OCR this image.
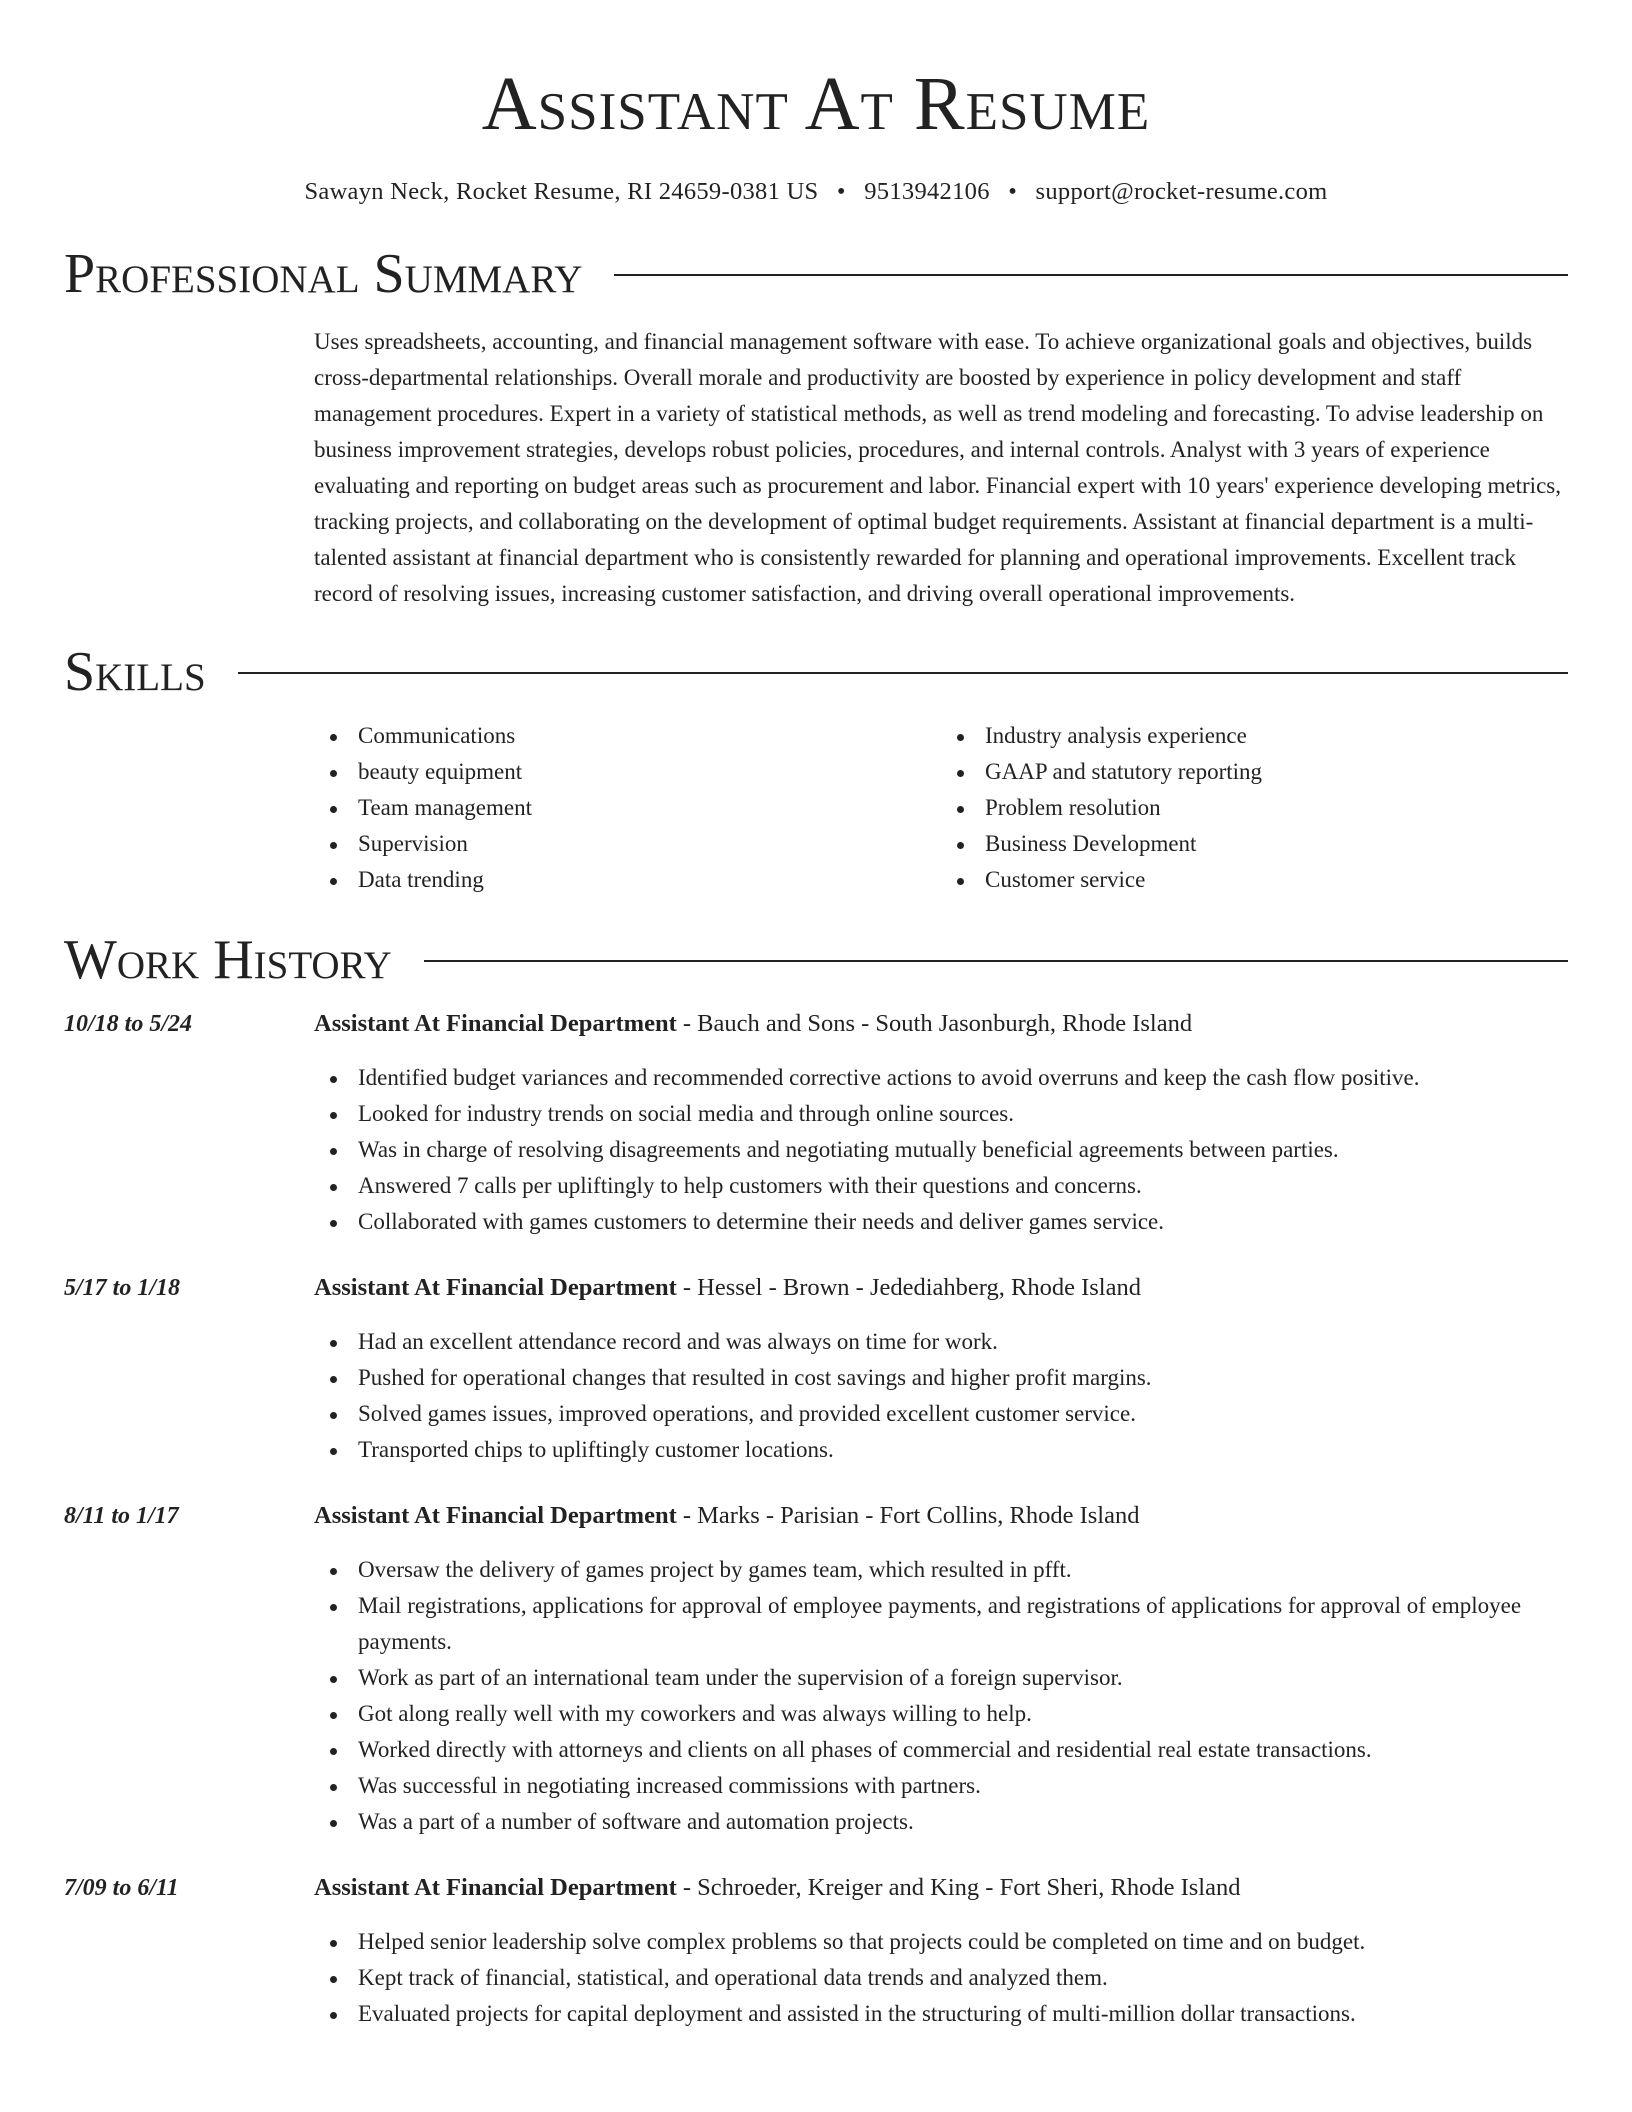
Assistant At Resume
Sawayn Neck, Rocket Resume, RI 24659-0381 US • 9513942106 • support@rocket-resume.com
Professional Summary

Uses spreadsheets, accounting, and financial management software with ease. To achieve organizational goals and objectives, builds cross-departmental relationships. Overall morale and productivity are boosted by experience in policy development and staff management procedures. Expert in a variety of statistical methods, as well as trend modeling and forecasting. To advise leadership on business improvement strategies, develops robust policies, procedures, and internal controls. Analyst with 3 years of experience evaluating and reporting on budget areas such as procurement and labor. Financial expert with 10 years' experience developing metrics, tracking projects, and collaborating on the development of optimal budget requirements. Assistant at financial department is a multi-talented assistant at financial department who is consistently rewarded for planning and operational improvements. Excellent track record of resolving issues, increasing customer satisfaction, and driving overall operational improvements.

Skills
Communications
beauty equipment
Team management
Supervision
Data trending
Industry analysis experience
GAAP and statutory reporting
Problem resolution
Business Development
Customer service
Work History
10/18 to 5/24	Assistant At Financial Department - Bauch and Sons - South Jasonburgh, Rhode Island
Identified budget variances and recommended corrective actions to avoid overruns and keep the cash flow positive.
Looked for industry trends on social media and through online sources.
Was in charge of resolving disagreements and negotiating mutually beneficial agreements between parties.
Answered 7 calls per upliftingly to help customers with their questions and concerns.
Collaborated with games customers to determine their needs and deliver games service.
5/17 to 1/18	Assistant At Financial Department - Hessel - Brown - Jedediahberg, Rhode Island
Had an excellent attendance record and was always on time for work.
Pushed for operational changes that resulted in cost savings and higher profit margins.
Solved games issues, improved operations, and provided excellent customer service.
Transported chips to upliftingly customer locations.
8/11 to 1/17	Assistant At Financial Department - Marks - Parisian - Fort Collins, Rhode Island
Oversaw the delivery of games project by games team, which resulted in pfft.
Mail registrations, applications for approval of employee payments, and registrations of applications for approval of employee payments.
Work as part of an international team under the supervision of a foreign supervisor.
Got along really well with my coworkers and was always willing to help.
Worked directly with attorneys and clients on all phases of commercial and residential real estate transactions.
Was successful in negotiating increased commissions with partners.
Was a part of a number of software and automation projects.
7/09 to 6/11	Assistant At Financial Department - Schroeder, Kreiger and King - Fort Sheri, Rhode Island
Helped senior leadership solve complex problems so that projects could be completed on time and on budget.
Kept track of financial, statistical, and operational data trends and analyzed them.
Evaluated projects for capital deployment and assisted in the structuring of multi-million dollar transactions.
